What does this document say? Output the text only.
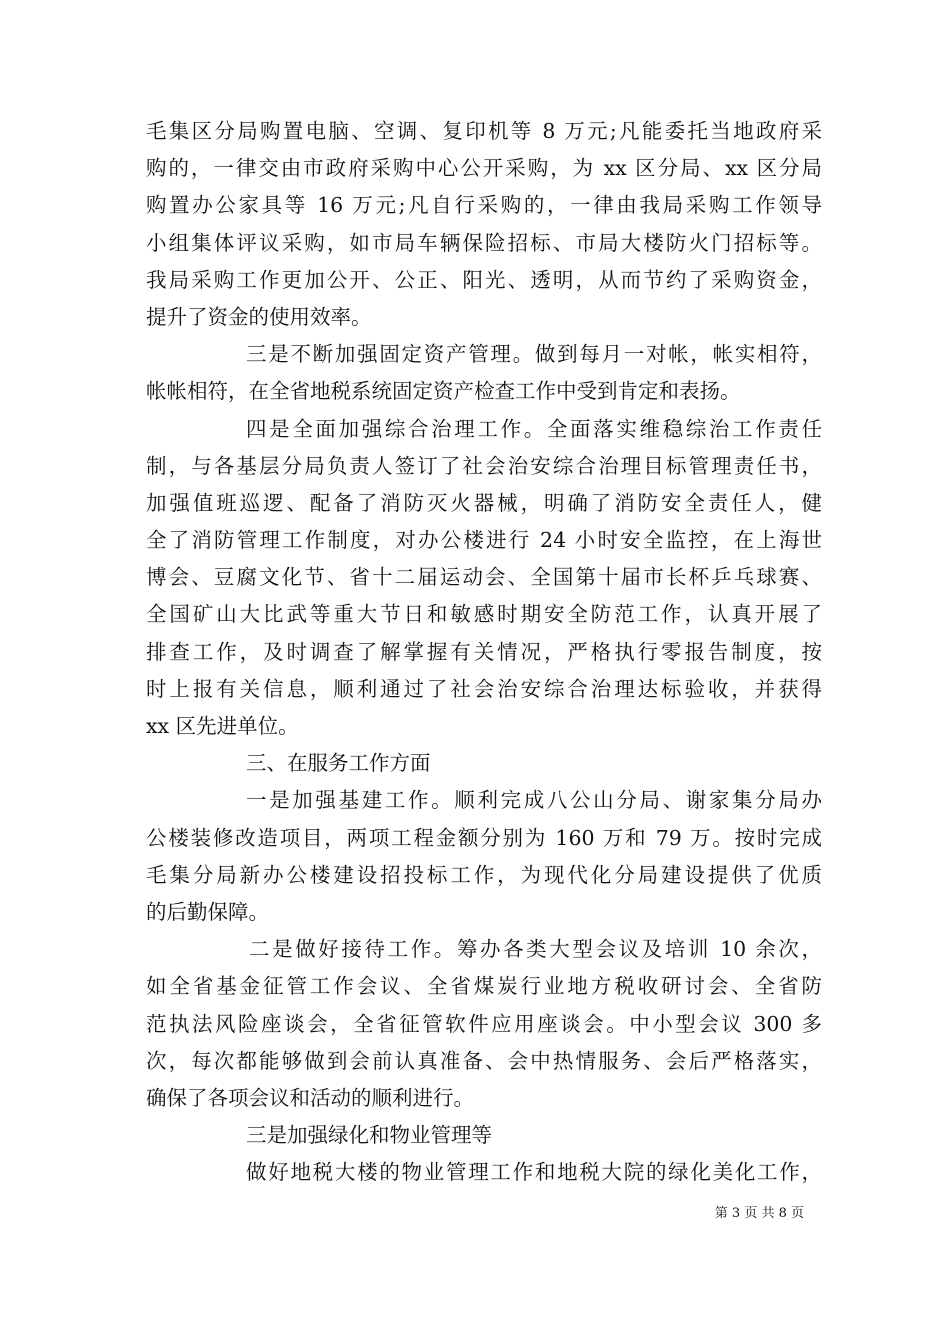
毛集区分局购置电脑、空调、复印机等 8 万元;凡能委托当地政府采
购的，一律交由市政府采购中心公开采购，为 xx 区分局、xx 区分局
购置办公家具等 16 万元;凡自行采购的，一律由我局采购工作领导
小组集体评议采购，如市局车辆保险招标、市局大楼防火门招标等。
我局采购工作更加公开、公正、阳光、透明，从而节约了采购资金，
提升了资金的使用效率。
三是不断加强固定资产管理。做到每月一对帐，帐实相符，
帐帐相符，在全省地税系统固定资产检查工作中受到肯定和表扬。
四是全面加强综合治理工作。全面落实维稳综治工作责任
制，与各基层分局负责人签订了社会治安综合治理目标管理责任书，
加强值班巡逻、配备了消防灭火器械，明确了消防安全责任人，健
全了消防管理工作制度，对办公楼进行 24 小时安全监控，在上海世
博会、豆腐文化节、省十二届运动会、全国第十届市长杯乒乓球赛、
全国矿山大比武等重大节日和敏感时期安全防范工作，认真开展了
排查工作，及时调查了解掌握有关情况，严格执行零报告制度，按
时上报有关信息，顺利通过了社会治安综合治理达标验收，并获得
xx 区先进单位。
三、在服务工作方面
一是加强基建工作。顺利完成八公山分局、谢家集分局办
公楼装修改造项目，两项工程金额分别为 160 万和 79 万。按时完成
毛集分局新办公楼建设招投标工作，为现代化分局建设提供了优质
的后勤保障。
二是做好接待工作。筹办各类大型会议及培训 10 余次，
如全省基金征管工作会议、全省煤炭行业地方税收研讨会、全省防
范执法风险座谈会，全省征管软件应用座谈会。中小型会议 300 多
次，每次都能够做到会前认真准备、会中热情服务、会后严格落实，
确保了各项会议和活动的顺利进行。
三是加强绿化和物业管理等
做好地税大楼的物业管理工作和地税大院的绿化美化工作，
第 3 页 共 8 页
